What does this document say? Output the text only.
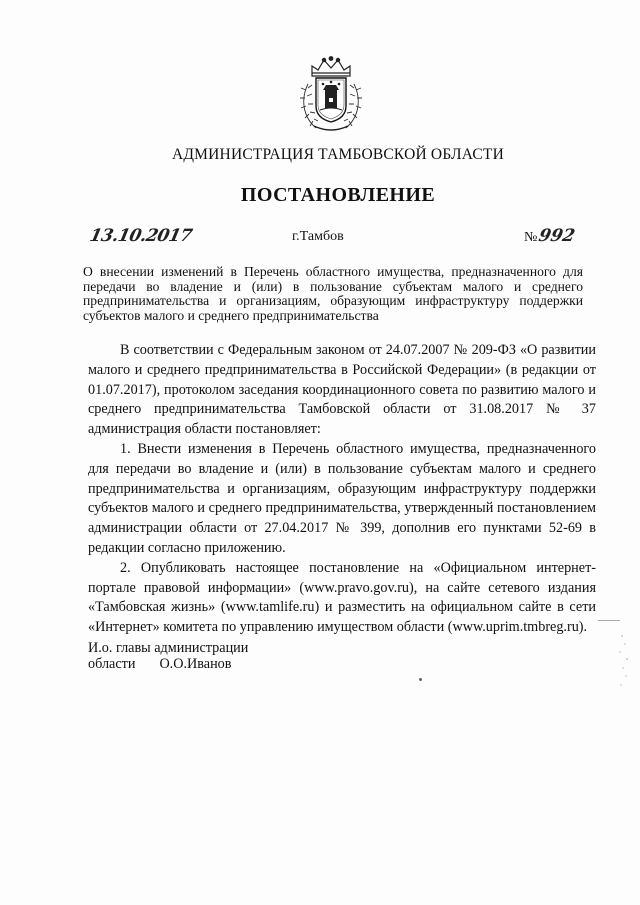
АДМИНИСТРАЦИЯ ТАМБОВСКОЙ ОБЛАСТИ
ПОСТАНОВЛЕНИЕ
13.10.2017	г.Тамбов	№992
О внесении изменений в Перечень областного имущества, предназначенного для передачи во владение и (или) в пользование субъектам малого и среднего предпринимательства и организациям, образующим инфраструктуру поддержки субъектов малого и среднего предпринимательства

В соответствии с Федеральным законом от 24.07.2007 № 209-ФЗ «О развитии малого и среднего предпринимательства в Российской Федерации» (в редакции от 01.07.2017), протоколом заседания координационного совета по развитию малого и среднего предпринимательства Тамбовской области от 31.08.2017 № 37 администрация области постановляет:

1. Внести изменения в Перечень областного имущества, предназначенного для передачи во владение и (или) в пользование субъектам малого и среднего предпринимательства и организациям, образующим инфраструктуру поддержки субъектов малого и среднего предпринимательства, утвержденный постановлением администрации области от 27.04.2017 № 399, дополнив его пунктами 52-69 в редакции согласно приложению.

2. Опубликовать настоящее постановление на «Официальном интернет-портале правовой информации» (www.pravo.gov.ru), на сайте сетевого издания «Тамбовская жизнь» (www.tamlife.ru) и разместить на официальном сайте в сети «Интернет» комитета по управлению имуществом области (www.uprim.tmbreg.ru).

И.о. главы администрации
области О.О.Иванов
